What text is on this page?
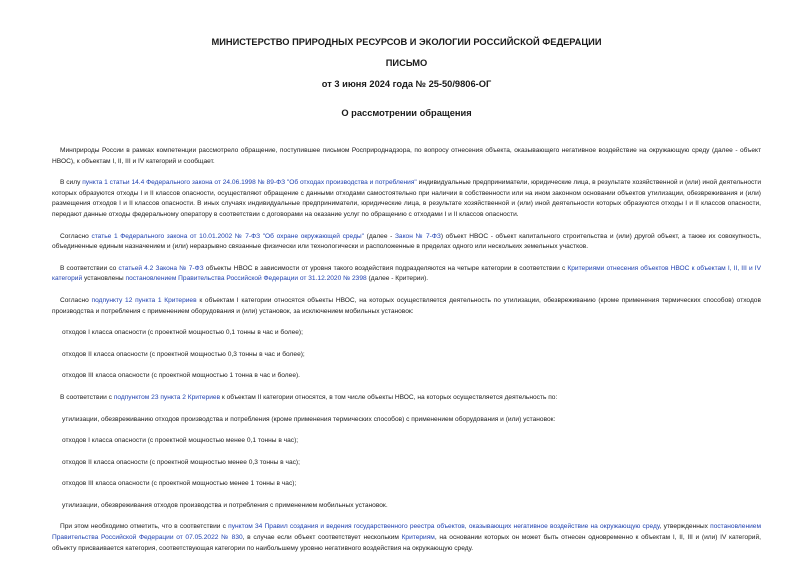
МИНИСТЕРСТВО ПРИРОДНЫХ РЕСУРСОВ И ЭКОЛОГИИ РОССИЙСКОЙ ФЕДЕРАЦИИ

ПИСЬМО

от 3 июня 2024 года № 25-50/9806-ОГ

О рассмотрении обращения

Минприроды России в рамках компетенции рассмотрело обращение, поступившее письмом Росприроднадзора, по вопросу отнесения объекта, оказывающего негативное воздействие на окружающую среду (далее - объект НВОС), к объектам I, II, III и IV категорий и сообщает.

В силу пункта 1 статьи 14.4 Федерального закона от 24.06.1998 № 89-ФЗ "Об отходах производства и потребления" индивидуальные предприниматели, юридические лица, в результате хозяйственной и (или) иной деятельности которых образуются отходы I и II классов опасности, осуществляют обращение с данными отходами самостоятельно при наличии в собственности или на ином законном основании объектов утилизации, обезвреживания и (или) размещения отходов I и II классов опасности. В иных случаях индивидуальные предприниматели, юридические лица, в результате хозяйственной и (или) иной деятельности которых образуются отходы I и II классов опасности, передают данные отходы федеральному оператору в соответствии с договорами на оказание услуг по обращению с отходами I и II классов опасности.

Согласно статье 1 Федерального закона от 10.01.2002 № 7-ФЗ "Об охране окружающей среды" (далее - Закон № 7-ФЗ) объект НВОС - объект капитального строительства и (или) другой объект, а также их совокупность, объединенные единым назначением и (или) неразрывно связанные физически или технологически и расположенные в пределах одного или нескольких земельных участков.

В соответствии со статьей 4.2 Закона № 7-ФЗ объекты НВОС в зависимости от уровня такого воздействия подразделяются на четыре категории в соответствии с Критериями отнесения объектов НВОС к объектам I, II, III и IV категорий установлены постановлением Правительства Российской Федерации от 31.12.2020 № 2398 (далее - Критерии).

Согласно подпункту 12 пункта 1 Критериев к объектам I категории относятся объекты НВОС, на которых осуществляется деятельность по утилизации, обезвреживанию (кроме применения термических способов) отходов производства и потребления с применением оборудования и (или) установок, за исключением мобильных установок:

отходов I класса опасности (с проектной мощностью 0,1 тонны в час и более);

отходов II класса опасности (с проектной мощностью 0,3 тонны в час и более);

отходов III класса опасности (с проектной мощностью 1 тонна в час и более).

В соответствии с подпунктом 23 пункта 2 Критериев к объектам II категории относятся, в том числе объекты НВОС, на которых осуществляется деятельность по:

утилизации, обезвреживанию отходов производства и потребления (кроме применения термических способов) с применением оборудования и (или) установок:

отходов I класса опасности (с проектной мощностью менее 0,1 тонны в час);

отходов II класса опасности (с проектной мощностью менее 0,3 тонны в час);

отходов III класса опасности (с проектной мощностью менее 1 тонны в час);

утилизации, обезвреживания отходов производства и потребления с применением мобильных установок.

При этом необходимо отметить, что в соответствии с пунктом 34 Правил создания и ведения государственного реестра объектов, оказывающих негативное воздействие на окружающую среду, утвержденных постановлением Правительства Российской Федерации от 07.05.2022 № 830, в случае если объект соответствует нескольким Критериям, на основании которых он может быть отнесен одновременно к объектам I, II, III и (или) IV категорий, объекту присваивается категория, соответствующая категории по наибольшему уровню негативного воздействия на окружающую среду.
